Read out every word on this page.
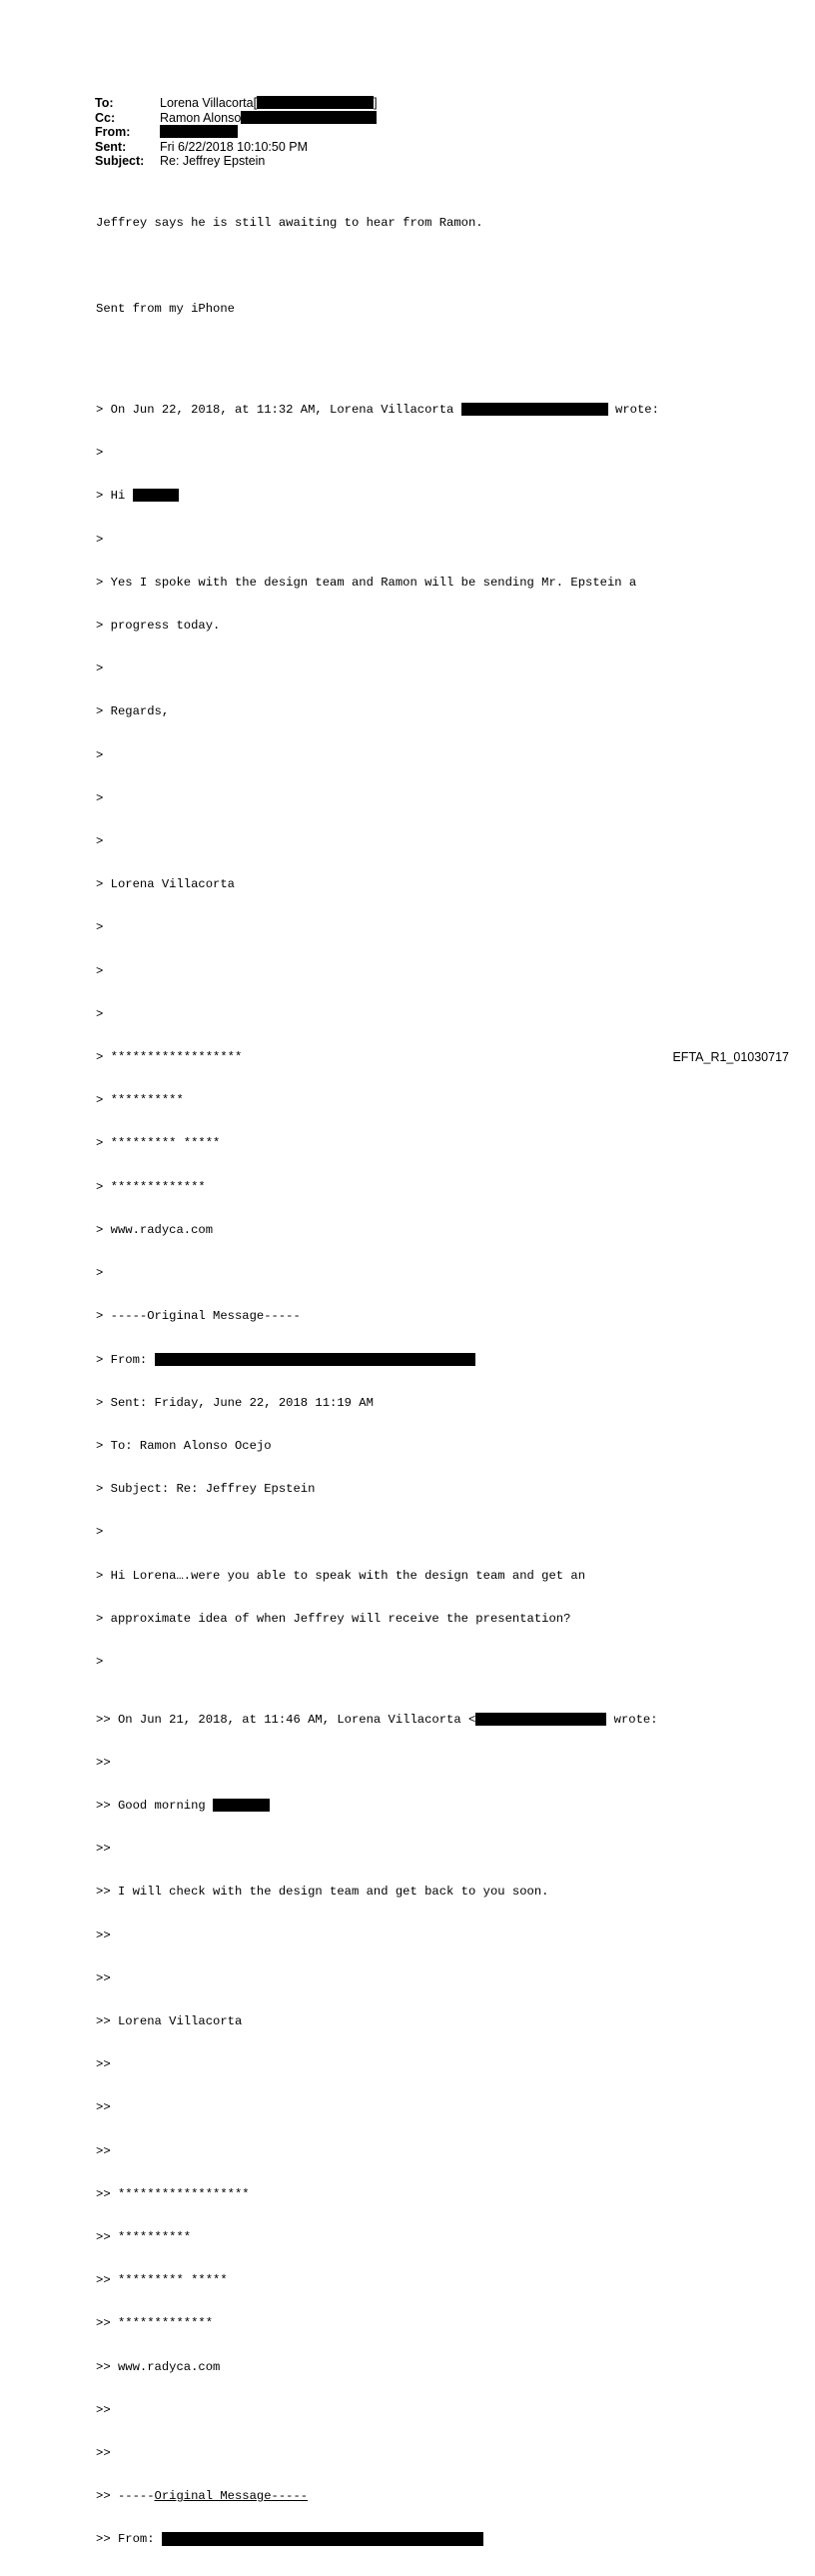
To:	Lorena Villacorta[	]
Cc:	Ramon Alonso
From:
Sent:	Fri 6/22/2018 10:10:50 PM
Subject: Re: Jeffrey Epstein

Jeffrey says he is still awaiting to hear from Ramon.

Sent from my iPhone

> On Jun 22, 2018, at 11:32 AM, Lorena Villacorta	wrote:

>

> Hi

>

> Yes I spoke with the design team and Ramon will be sending Mr. Epstein a

> progress today.

>

> Regards,

>

>

>

> Lorena Villacorta

>

>

>

> ******************

> **********

> ********* *****

> *************

> www.radyca.com

>

> -----Original Message-----

> From:

> Sent: Friday, June 22, 2018 11:19 AM

> To: Ramon Alonso Ocejo

> Subject: Re: Jeffrey Epstein

>

> Hi Lorena….were you able to speak with the design team and get an

> approximate idea of when Jeffrey will receive the presentation?

>

>> On Jun 21, 2018, at 11:46 AM, Lorena Villacorta <	wrote:

>>

>> Good morning

>>

>> I will check with the design team and get back to you soon.

>>

>>

>> Lorena Villacorta

>>

>>

>>

>> ******************

>> **********

>> ********* *****

>> *************

>> www.radyca.com

>>

>>

>> -----Original Message-----

>> From:

EFTA_R1_01030717
